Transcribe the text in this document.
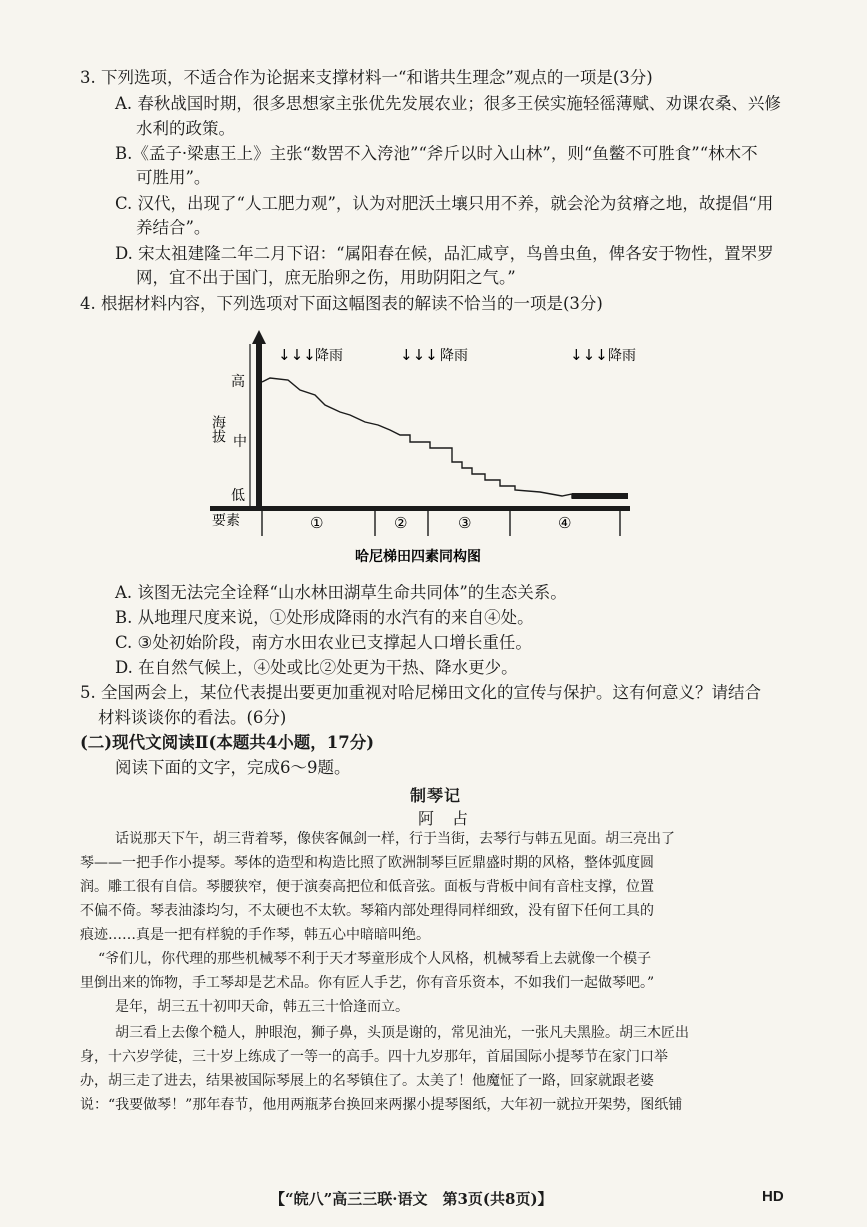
3. 下列选项，不适合作为论据来支撑材料一“和谐共生理念”观点的一项是(3分)
A. 春秋战国时期，很多思想家主张优先发展农业；很多王侯实施轻徭薄赋、劝课农桑、兴修
水利的政策。
B.《孟子·梁惠王上》主张“数罟不入洿池”“斧斤以时入山林”，则“鱼鳖不可胜食”“林木不
可胜用”。
C. 汉代，出现了“人工肥力观”，认为对肥沃土壤只用不养，就会沦为贫瘠之地，故提倡“用
养结合”。
D. 宋太祖建隆二年二月下诏：“属阳春在候，品汇咸亨，鸟兽虫鱼，俾各安于物性，置罘罗
网，宜不出于国门，庶无胎卵之伤，用助阴阳之气。”
4. 根据材料内容，下列选项对下面这幅图表的解读不恰当的一项是(3分)
海拔
高
中
低
要素
↓↓↓ 降雨	↓↓↓ 降雨	↓↓↓ 降雨
①	②	③	④
哈尼梯田四素同构图
A. 该图无法完全诠释“山水林田湖草生命共同体”的生态关系。
B. 从地理尺度来说，①处形成降雨的水汽有的来自④处。
C. ③处初始阶段，南方水田农业已支撑起人口增长重任。
D. 在自然气候上，④处或比②处更为干热、降水更少。
5. 全国两会上，某位代表提出要更加重视对哈尼梯田文化的宣传与保护。这有何意义？请结合
材料谈谈你的看法。(6分)
(二)现代文阅读Ⅱ(本题共4小题，17分)
阅读下面的文字，完成6～9题。
制琴记
阿　占
话说那天下午，胡三背着琴，像侠客佩剑一样，行于当街，去琴行与韩五见面。胡三亮出了
琴——一把手作小提琴。琴体的造型和构造比照了欧洲制琴巨匠鼎盛时期的风格，整体弧度圆
润。雕工很有自信。琴腰狭窄，便于演奏高把位和低音弦。面板与背板中间有音柱支撑，位置
不偏不倚。琴表油漆均匀，不太硬也不太软。琴箱内部处理得同样细致，没有留下任何工具的
痕迹……真是一把有样貌的手作琴，韩五心中暗暗叫绝。
“爷们儿，你代理的那些机械琴不利于天才琴童形成个人风格，机械琴看上去就像一个模子
里倒出来的饰物，手工琴却是艺术品。你有匠人手艺，你有音乐资本，不如我们一起做琴吧。”
是年，胡三五十初叩天命，韩五三十恰逢而立。
胡三看上去像个糙人，肿眼泡，狮子鼻，头顶是谢的，常见油光，一张凡夫黑脸。胡三木匠出
身，十六岁学徒，三十岁上练成了一等一的高手。四十九岁那年，首届国际小提琴节在家门口举
办，胡三走了进去，结果被国际琴展上的名琴镇住了。太美了！他魔怔了一路，回家就跟老婆
说：“我要做琴！”那年春节，他用两瓶茅台换回来两摞小提琴图纸，大年初一就拉开架势，图纸铺
【“皖八”高三三联·语文　第3页(共8页)】	HD
